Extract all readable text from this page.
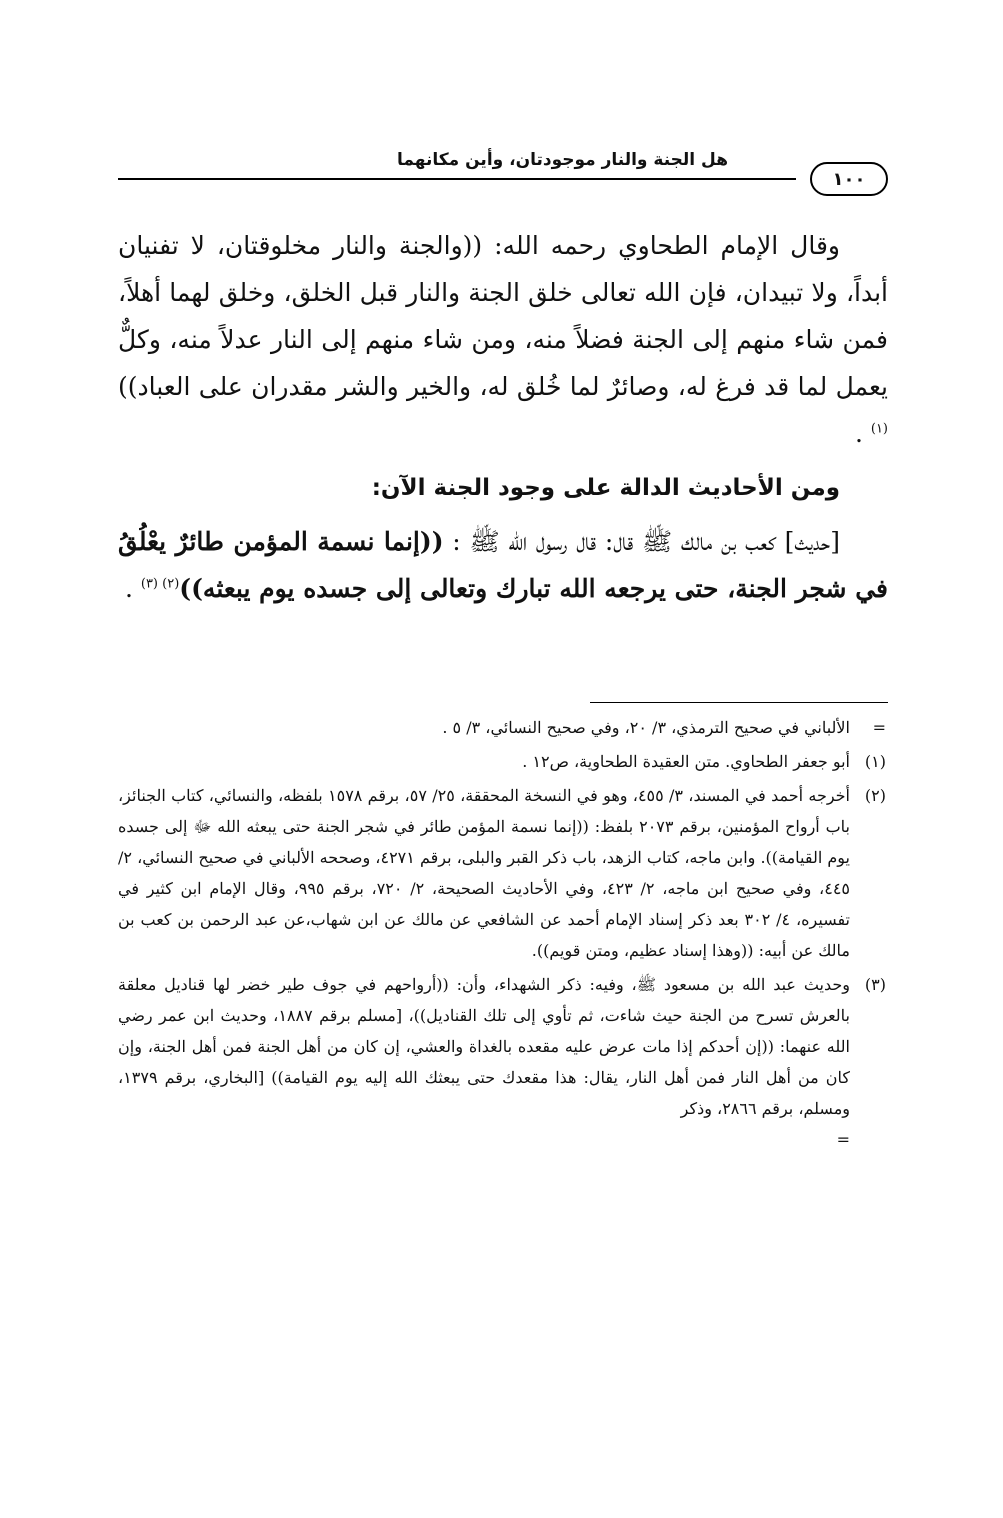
هل الجنة والنار موجودتان، وأين مكانهما
١٠٠

وقال الإمام الطحاوي رحمه الله: ((والجنة والنار مخلوقتان، لا تفنيان أبداً، ولا تبيدان، فإن الله تعالى خلق الجنة والنار قبل الخلق، وخلق لهما أهلاً، فمن شاء منهم إلى الجنة فضلاً منه، ومن شاء منهم إلى النار عدلاً منه، وكلٌّ يعمل لما قد فرغ له، وصائرٌ لما خُلق له، والخير والشر مقدران على العباد))$^{(١)}$ .

ومن الأحاديث الدالة على وجود الجنة الآن:

[حديث] كعب بن مالك ﷺ قال: قال رسول الله ﷺ : ((إنما نسمة المؤمن طائرٌ يعْلُقُ في شجر الجنة، حتى يرجعه الله تبارك وتعالى إلى جسده يوم يبعثه))$^{(٢) (٣)}$ .

=
الألباني في صحيح الترمذي، ٣/ ٢٠، وفي صحيح النسائي، ٣/ ٥ .

(١)
أبو جعفر الطحاوي. متن العقيدة الطحاوية، ص١٢ .

(٢)
أخرجه أحمد في المسند، ٣/ ٤٥٥، وهو في النسخة المحققة، ٢٥/ ٥٧، برقم ١٥٧٨ بلفظه، والنسائي، كتاب الجنائز، باب أرواح المؤمنين، برقم ٢٠٧٣ بلفظ: ((إنما نسمة المؤمن طائر في شجر الجنة حتى يبعثه الله ﷻ إلى جسده يوم القيامة)). وابن ماجه، كتاب الزهد، باب ذكر القبر والبلى، برقم ٤٢٧١، وصححه الألباني في صحيح النسائي، ٢/ ٤٤٥، وفي صحيح ابن ماجه، ٢/ ٤٢٣، وفي الأحاديث الصحيحة، ٢/ ٧٢٠، برقم ٩٩٥، وقال الإمام ابن كثير في تفسيره، ٤/ ٣٠٢ بعد ذكر إسناد الإمام أحمد عن الشافعي عن مالك عن ابن شهاب،عن عبد الرحمن بن كعب بن مالك عن أبيه: ((وهذا إسناد عظيم، ومتن قويم)).

(٣)
وحديث عبد الله بن مسعود ﷺ، وفيه: ذكر الشهداء، وأن: ((أرواحهم في جوف طير خضر لها قناديل معلقة بالعرش تسرح من الجنة حيث شاءت، ثم تأوي إلى تلك القناديل))، [مسلم برقم ١٨٨٧، وحديث ابن عمر رضي الله عنهما: ((إن أحدكم إذا مات عرض عليه مقعده بالغداة والعشي، إن كان من أهل الجنة فمن أهل الجنة، وإن كان من أهل النار فمن أهل النار، يقال: هذا مقعدك حتى يبعثك الله إليه يوم القيامة)) [البخاري، برقم ١٣٧٩، ومسلم، برقم ٢٨٦٦، وذكر
=
